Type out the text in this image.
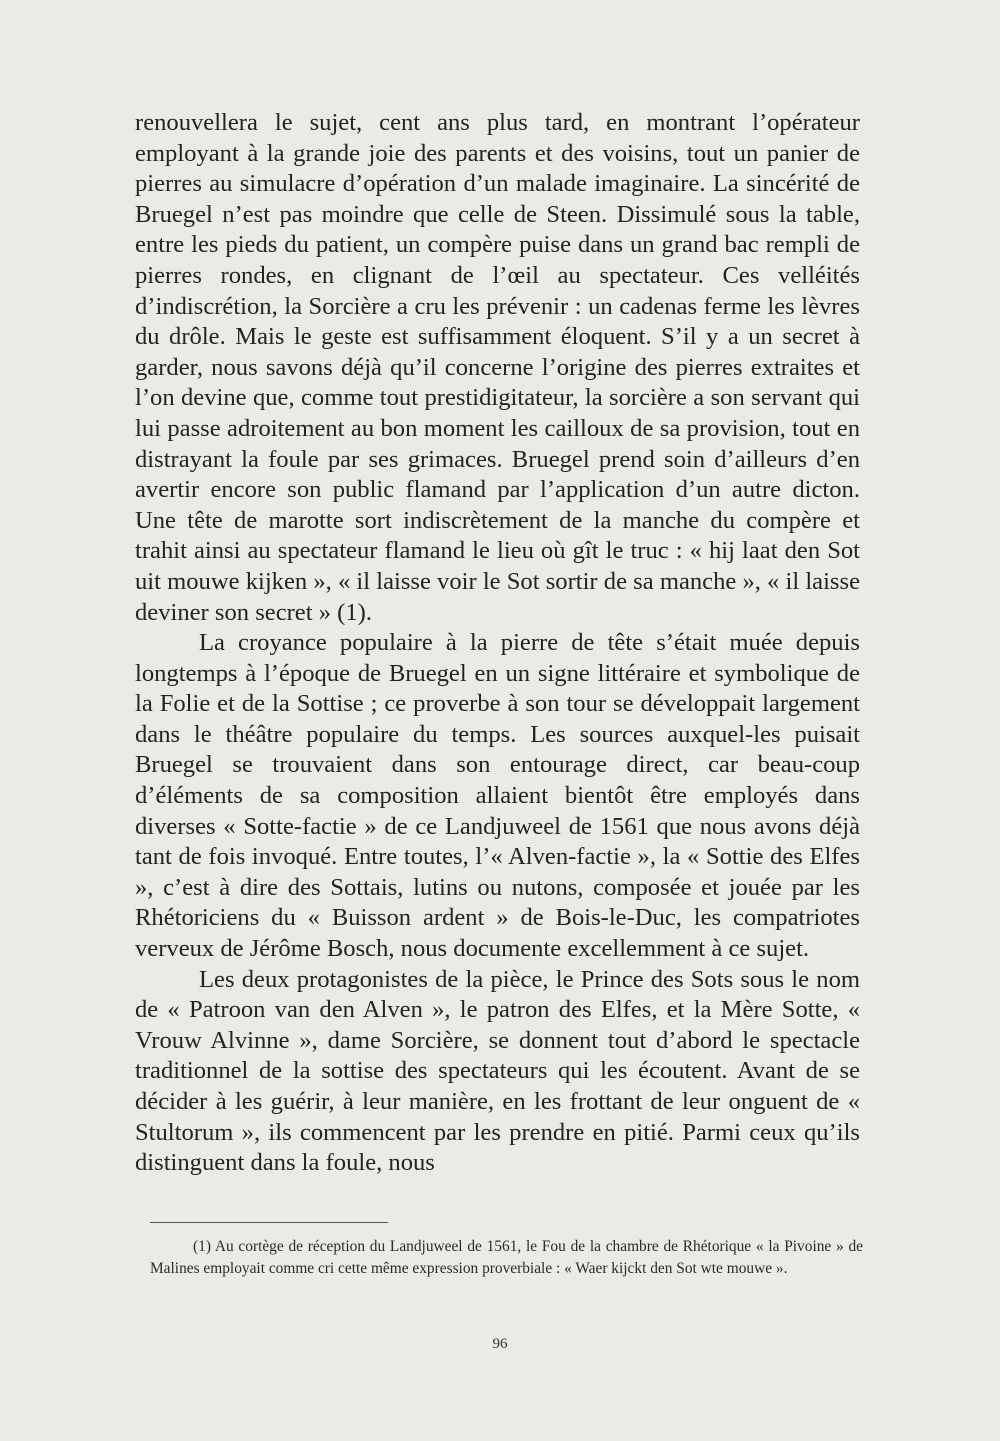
renouvellera le sujet, cent ans plus tard, en montrant l’opérateur employant à la grande joie des parents et des voisins, tout un panier de pierres au simulacre d’opération d’un malade imaginaire. La sincérité de Bruegel n’est pas moindre que celle de Steen. Dissimulé sous la table, entre les pieds du patient, un compère puise dans un grand bac rempli de pierres rondes, en clignant de l’œil au spectateur. Ces velléités d’indiscrétion, la Sorcière a cru les prévenir : un cadenas ferme les lèvres du drôle. Mais le geste est suffisamment éloquent. S’il y a un secret à garder, nous savons déjà qu’il concerne l’origine des pierres extraites et l’on devine que, comme tout prestidigitateur, la sorcière a son servant qui lui passe adroitement au bon moment les cailloux de sa provision, tout en distrayant la foule par ses grimaces. Bruegel prend soin d’ailleurs d’en avertir encore son public flamand par l’application d’un autre dicton. Une tête de marotte sort indiscrètement de la manche du compère et trahit ainsi au spectateur flamand le lieu où gît le truc : « hij laat den Sot uit mouwe kijken », « il laisse voir le Sot sortir de sa manche », « il laisse deviner son secret » (1).

La croyance populaire à la pierre de tête s’était muée depuis longtemps à l’époque de Bruegel en un signe littéraire et symbolique de la Folie et de la Sottise ; ce proverbe à son tour se développait largement dans le théâtre populaire du temps. Les sources auxquel-les puisait Bruegel se trouvaient dans son entourage direct, car beau-coup d’éléments de sa composition allaient bientôt être employés dans diverses « Sotte-factie » de ce Landjuweel de 1561 que nous avons déjà tant de fois invoqué. Entre toutes, l’« Alven-factie », la « Sottie des Elfes », c’est à dire des Sottais, lutins ou nutons, composée et jouée par les Rhétoriciens du « Buisson ardent » de Bois-le-Duc, les compatriotes verveux de Jérôme Bosch, nous documente excellemment à ce sujet.

Les deux protagonistes de la pièce, le Prince des Sots sous le nom de « Patroon van den Alven », le patron des Elfes, et la Mère Sotte, « Vrouw Alvinne », dame Sorcière, se donnent tout d’abord le spectacle traditionnel de la sottise des spectateurs qui les écoutent. Avant de se décider à les guérir, à leur manière, en les frottant de leur onguent de « Stultorum », ils commencent par les prendre en pitié. Parmi ceux qu’ils distinguent dans la foule, nous

(1) Au cortège de réception du Landjuweel de 1561, le Fou de la chambre de Rhétorique « la Pivoine » de Malines employait comme cri cette même expression proverbiale : « Waer kijckt den Sot wte mouwe ».

96
